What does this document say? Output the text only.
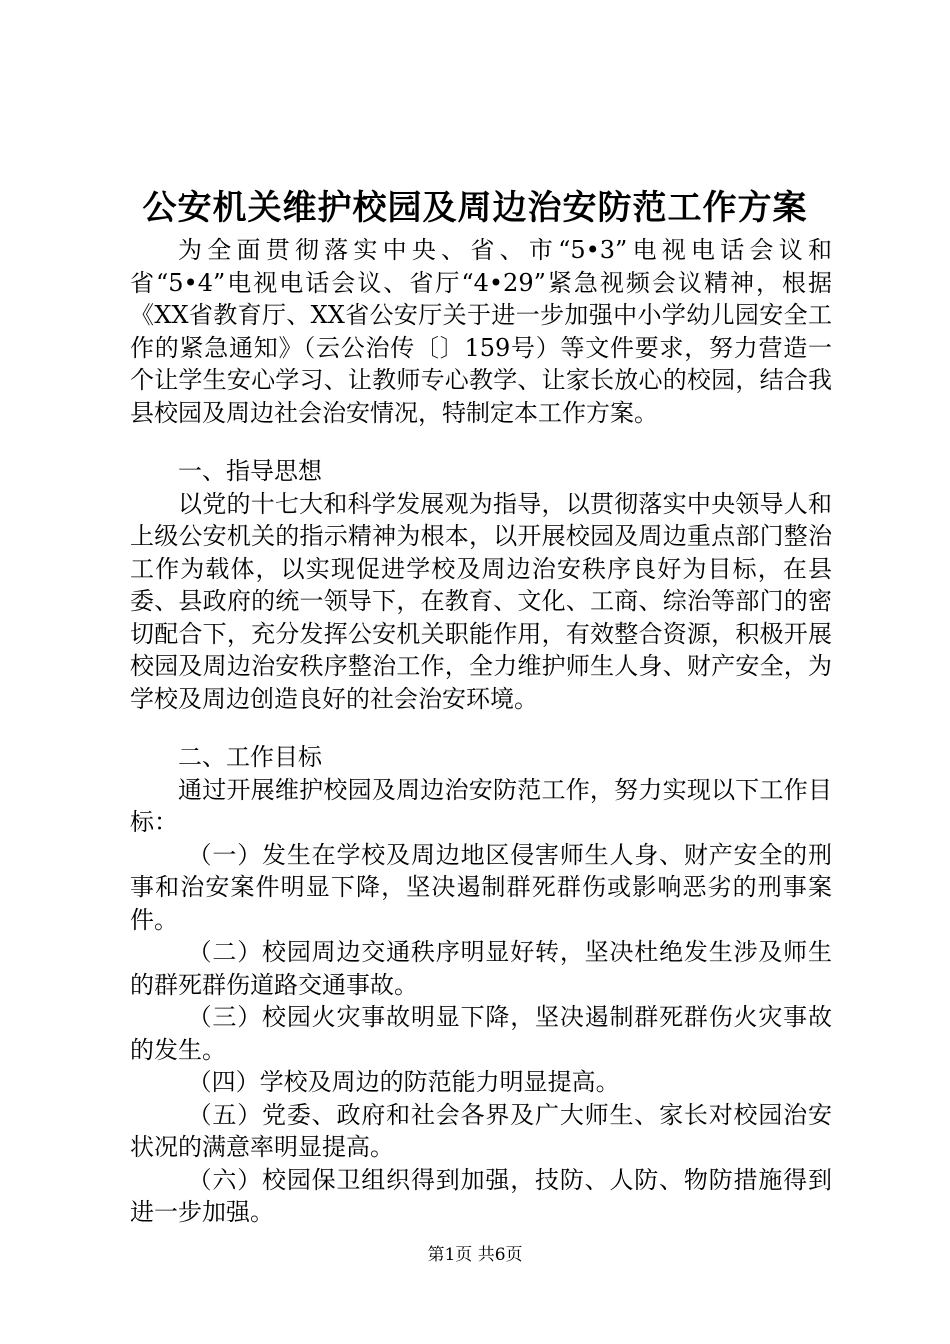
公安机关维护校园及周边治安防范工作方案

为全面贯彻落实中央、省、市“5•3”电视电话会议和省“5•4”电视电话会议、省厅“4•29”紧急视频会议精神，根据《XX省教育厅、XX省公安厅关于进一步加强中小学幼儿园安全工作的紧急通知》（云公治传〔〕159号）等文件要求，努力营造一个让学生安心学习、让教师专心教学、让家长放心的校园，结合我县校园及周边社会治安情况，特制定本工作方案。

一、指导思想

以党的十七大和科学发展观为指导，以贯彻落实中央领导人和上级公安机关的指示精神为根本，以开展校园及周边重点部门整治工作为载体，以实现促进学校及周边治安秩序良好为目标，在县委、县政府的统一领导下，在教育、文化、工商、综治等部门的密切配合下，充分发挥公安机关职能作用，有效整合资源，积极开展校园及周边治安秩序整治工作，全力维护师生人身、财产安全，为学校及周边创造良好的社会治安环境。

二、工作目标

通过开展维护校园及周边治安防范工作，努力实现以下工作目标：

（一）发生在学校及周边地区侵害师生人身、财产安全的刑事和治安案件明显下降，坚决遏制群死群伤或影响恶劣的刑事案件。

（二）校园周边交通秩序明显好转，坚决杜绝发生涉及师生的群死群伤道路交通事故。

（三）校园火灾事故明显下降，坚决遏制群死群伤火灾事故的发生。

（四）学校及周边的防范能力明显提高。

（五）党委、政府和社会各界及广大师生、家长对校园治安状况的满意率明显提高。

（六）校园保卫组织得到加强，技防、人防、物防措施得到进一步加强。

第1页 共6页
